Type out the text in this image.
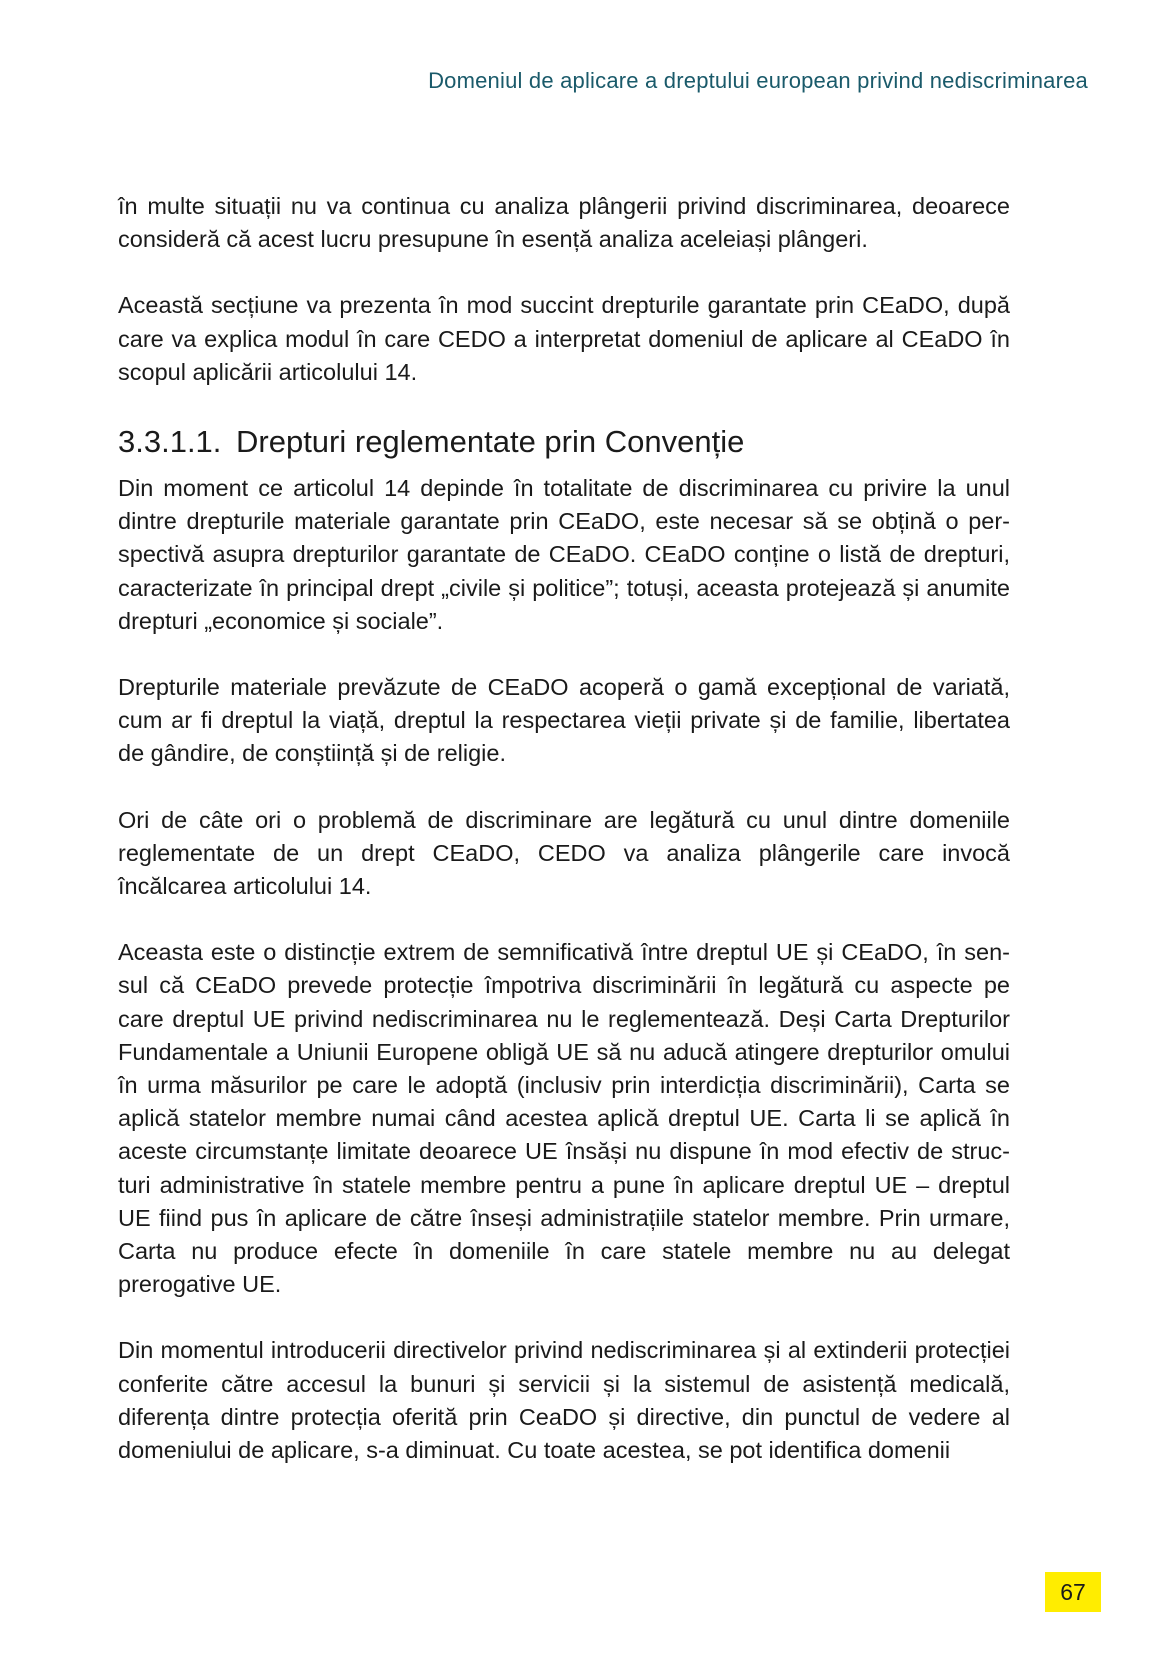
Domeniul de aplicare a dreptului european privind nediscriminarea

în multe situații nu va continua cu analiza plângerii privind discriminarea, deoarece consideră că acest lucru presupune în esență analiza aceleiași plângeri.

Această secțiune va prezenta în mod succint drepturile garantate prin CEaDO, după care va explica modul în care CEDO a interpretat domeniul de aplicare al CEaDO în scopul aplicării articolului 14.

3.3.1.1. Drepturi reglementate prin Convenție

Din moment ce articolul 14 depinde în totalitate de discriminarea cu privire la unul dintre drepturile materiale garantate prin CEaDO, este necesar să se obțină o perspectivă asupra drepturilor garantate de CEaDO. CEaDO conține o listă de drepturi, caracterizate în principal drept „civile și politice”; totuși, aceasta protejează și anumite drepturi „economice și sociale”.

Drepturile materiale prevăzute de CEaDO acoperă o gamă excepțional de variată, cum ar fi dreptul la viață, dreptul la respectarea vieții private și de familie, libertatea de gândire, de conștiință și de religie.

Ori de câte ori o problemă de discriminare are legătură cu unul dintre domeniile reglementate de un drept CEaDO, CEDO va analiza plângerile care invocă încălcarea articolului 14.

Aceasta este o distincție extrem de semnificativă între dreptul UE și CEaDO, în sensul că CEaDO prevede protecție împotriva discriminării în legătură cu aspecte pe care dreptul UE privind nediscriminarea nu le reglementează. Deși Carta Drepturilor Fundamentale a Uniunii Europene obligă UE să nu aducă atingere drepturilor omului în urma măsurilor pe care le adoptă (inclusiv prin interdicția discriminării), Carta se aplică statelor membre numai când acestea aplică dreptul UE. Carta li se aplică în aceste circumstanțe limitate deoarece UE însăși nu dispune în mod efectiv de structuri administrative în statele membre pentru a pune în aplicare dreptul UE – dreptul UE fiind pus în aplicare de către înseși administrațiile statelor membre. Prin urmare, Carta nu produce efecte în domeniile în care statele membre nu au delegat prerogative UE.

Din momentul introducerii directivelor privind nediscriminarea și al extinderii protecției conferite către accesul la bunuri și servicii și la sistemul de asistență medicală, diferența dintre protecția oferită prin CeaDO și directive, din punctul de vedere al domeniului de aplicare, s-a diminuat. Cu toate acestea, se pot identifica domenii

67
